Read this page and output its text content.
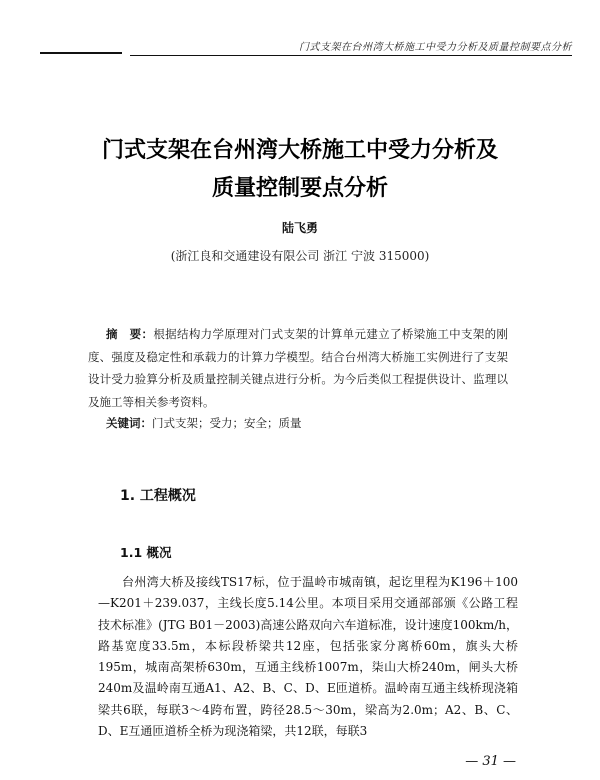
门式支架在台州湾大桥施工中受力分析及质量控制要点分析
门式支架在台州湾大桥施工中受力分析及
质量控制要点分析
陆飞勇
(浙江良和交通建设有限公司 浙江 宁波 315000)
摘　要：根据结构力学原理对门式支架的计算单元建立了桥梁施工中支架的刚度、强度及稳定性和承载力的计算力学模型。结合台州湾大桥施工实例进行了支架设计受力验算分析及质量控制关键点进行分析。为今后类似工程提供设计、监理以及施工等相关参考资料。
关键词：门式支架；受力；安全；质量
1. 工程概况
1.1 概况
台州湾大桥及接线TS17标，位于温岭市城南镇，起讫里程为K196＋100—K201＋239.037，主线长度5.14公里。本项目采用交通部部颁《公路工程技术标准》(JTG B01－2003)高速公路双向六车道标准，设计速度100km/h，路基宽度33.5m，本标段桥梁共12座，包括张家分离桥60m，旗头大桥195m，城南高架桥630m，互通主线桥1007m，柒山大桥240m，闸头大桥240m及温岭南互通A1、A2、B、C、D、E匝道桥。温岭南互通主线桥现浇箱梁共6联，每联3～4跨布置，跨径28.5～30m，梁高为2.0m；A2、B、C、D、E互通匝道桥全桥为现浇箱梁，共12联，每联3
— 31 —
